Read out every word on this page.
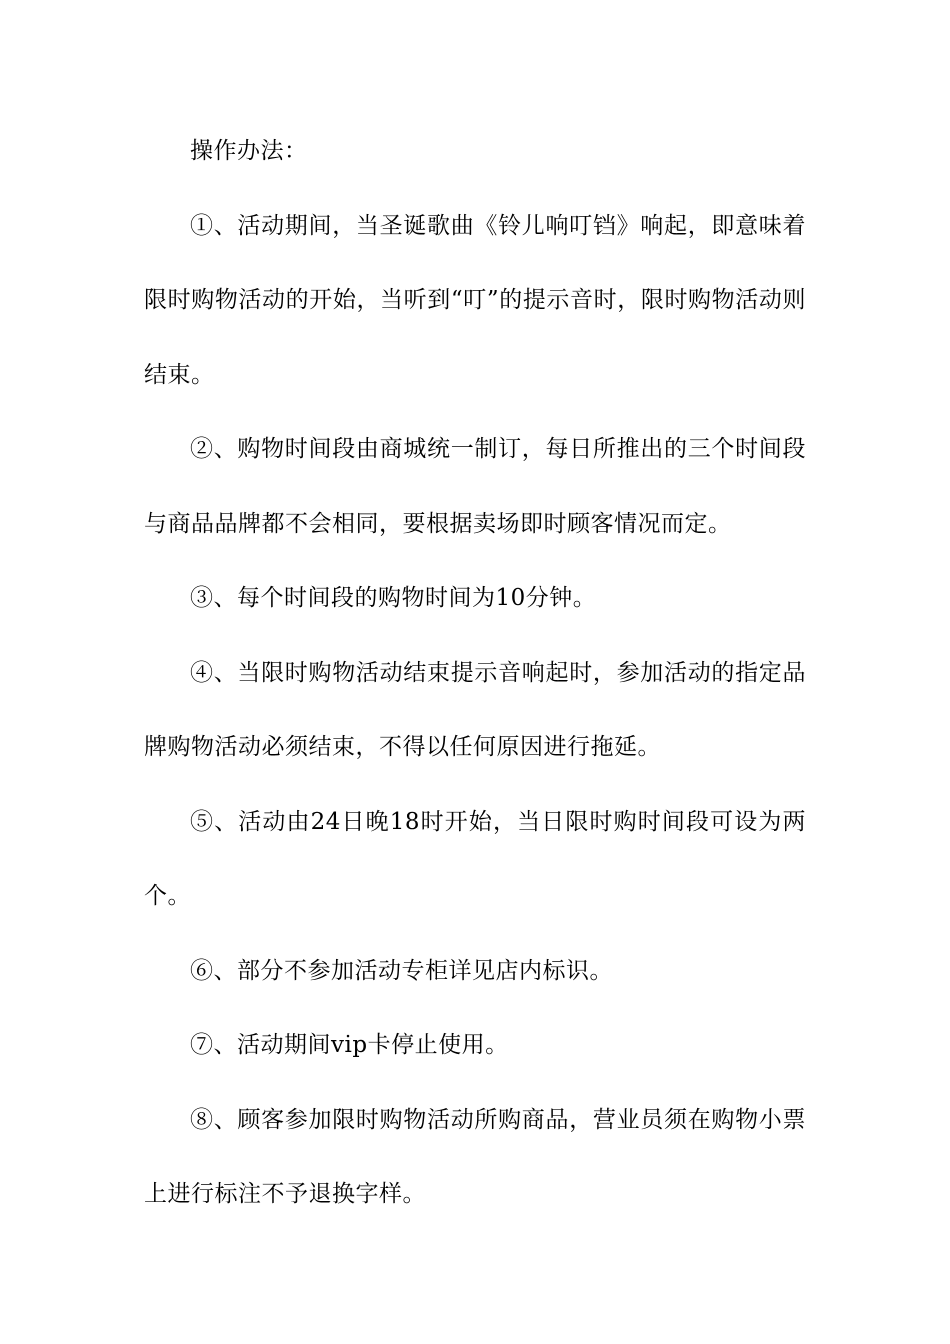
操作办法：

①、活动期间，当圣诞歌曲《铃儿响叮铛》响起，即意味着限时购物活动的开始，当听到“叮”的提示音时，限时购物活动则结束。

②、购物时间段由商城统一制订，每日所推出的三个时间段与商品品牌都不会相同，要根据卖场即时顾客情况而定。

③、每个时间段的购物时间为10分钟。

④、当限时购物活动结束提示音响起时，参加活动的指定品牌购物活动必须结束，不得以任何原因进行拖延。

⑤、活动由24日晚18时开始，当日限时购时间段可设为两个。

⑥、部分不参加活动专柜详见店内标识。

⑦、活动期间vip卡停止使用。

⑧、顾客参加限时购物活动所购商品，营业员须在购物小票上进行标注不予退换字样。
